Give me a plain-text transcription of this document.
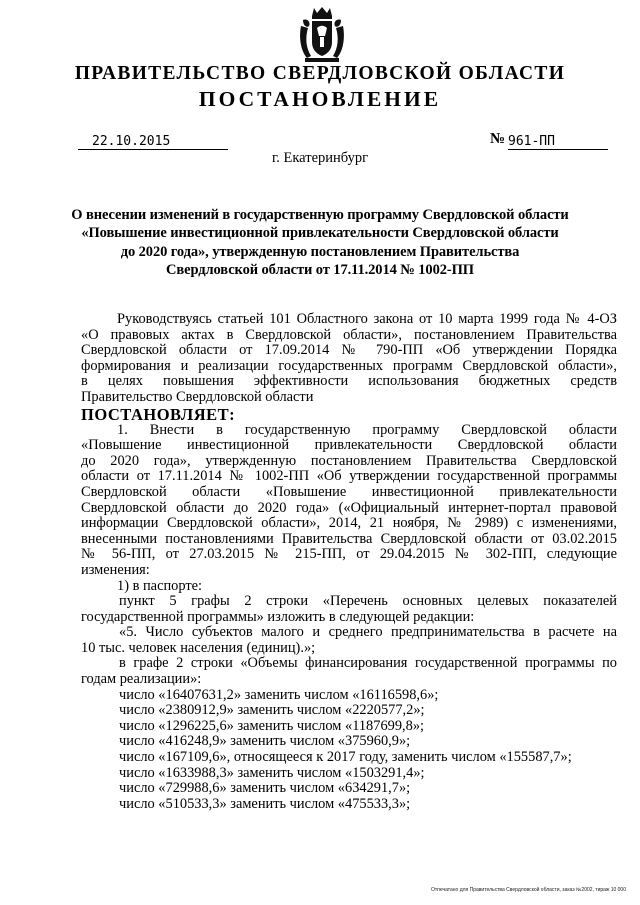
ПРАВИТЕЛЬСТВО СВЕРДЛОВСКОЙ ОБЛАСТИ
ПОСТАНОВЛЕНИЕ
22.10.2015	№ 961-ПП
г. Екатеринбург
О внесении изменений в государственную программу Свердловской области
«Повышение инвестиционной привлекательности Свердловской области
до 2020 года», утвержденную постановлением Правительства
Свердловской области от 17.11.2014 № 1002-ПП
Руководствуясь статьей 101 Областного закона от 10 марта 1999 года № 4-ОЗ
«О правовых актах в Свердловской области», постановлением Правительства
Свердловской области от 17.09.2014 № 790-ПП «Об утверждении Порядка
формирования и реализации государственных программ Свердловской области»,
в целях повышения эффективности использования бюджетных средств
Правительство Свердловской области
ПОСТАНОВЛЯЕТ:
1. Внести в государственную программу Свердловской области
«Повышение инвестиционной привлекательности Свердловской области
до 2020 года», утвержденную постановлением Правительства Свердловской
области от 17.11.2014 № 1002-ПП «Об утверждении государственной программы
Свердловской области «Повышение инвестиционной привлекательности
Свердловской области до 2020 года» («Официальный интернет-портал правовой
информации Свердловской области», 2014, 21 ноября, № 2989) с изменениями,
внесенными постановлениями Правительства Свердловской области от 03.02.2015
№ 56-ПП, от 27.03.2015 № 215-ПП, от 29.04.2015 № 302-ПП, следующие
изменения:
1) в паспорте:
пункт 5 графы 2 строки «Перечень основных целевых показателей
государственной программы» изложить в следующей редакции:
«5. Число субъектов малого и среднего предпринимательства в расчете на
10 тыс. человек населения (единиц).»;
в графе 2 строки «Объемы финансирования государственной программы по
годам реализации»:
число «16407631,2» заменить числом «16116598,6»;
число «2380912,9» заменить числом «2220577,2»;
число «1296225,6» заменить числом «1187699,8»;
число «416248,9» заменить числом «375960,9»;
число «167109,6», относящееся к 2017 году, заменить числом «155587,7»;
число «1633988,3» заменить числом «1503291,4»;
число «729988,6» заменить числом «634291,7»;
число «510533,3» заменить числом «475533,3»;
Отпечатано для Правительства Свердловской области, заказ №2002, тираж 10 000
